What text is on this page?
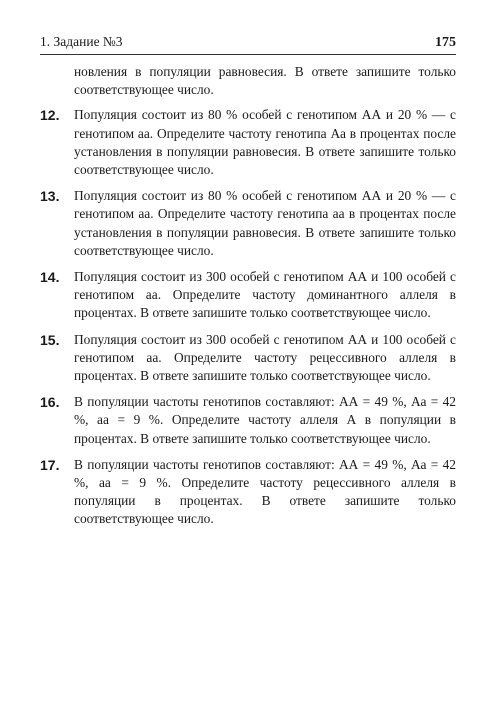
1. Задание №3	175

новления в популяции равновесия. В ответе запишите только соответствующее число.

12. Популяция состоит из 80 % особей с генотипом АА и 20 % — с генотипом аа. Определите частоту генотипа Аа в процентах после установления в популяции равновесия. В ответе запишите только соответствующее число.
13. Популяция состоит из 80 % особей с генотипом АА и 20 % — с генотипом аа. Определите частоту генотипа аа в процентах после установления в популяции равновесия. В ответе запишите только соответствующее число.
14. Популяция состоит из 300 особей с генотипом АА и 100 особей с генотипом аа. Определите частоту доминантного аллеля в процентах. В ответе запишите только соответствующее число.
15. Популяция состоит из 300 особей с генотипом АА и 100 особей с генотипом аа. Определите частоту рецессивного аллеля в процентах. В ответе запишите только соответствующее число.
16. В популяции частоты генотипов составляют: АА = 49 %, Аа = 42 %, аа = 9 %. Определите частоту аллеля А в популяции в процентах. В ответе запишите только соответствующее число.
17. В популяции частоты генотипов составляют: АА = 49 %, Аа = 42 %, аа = 9 %. Определите частоту рецессивного аллеля в популяции в процентах. В ответе запишите только соответствующее число.
